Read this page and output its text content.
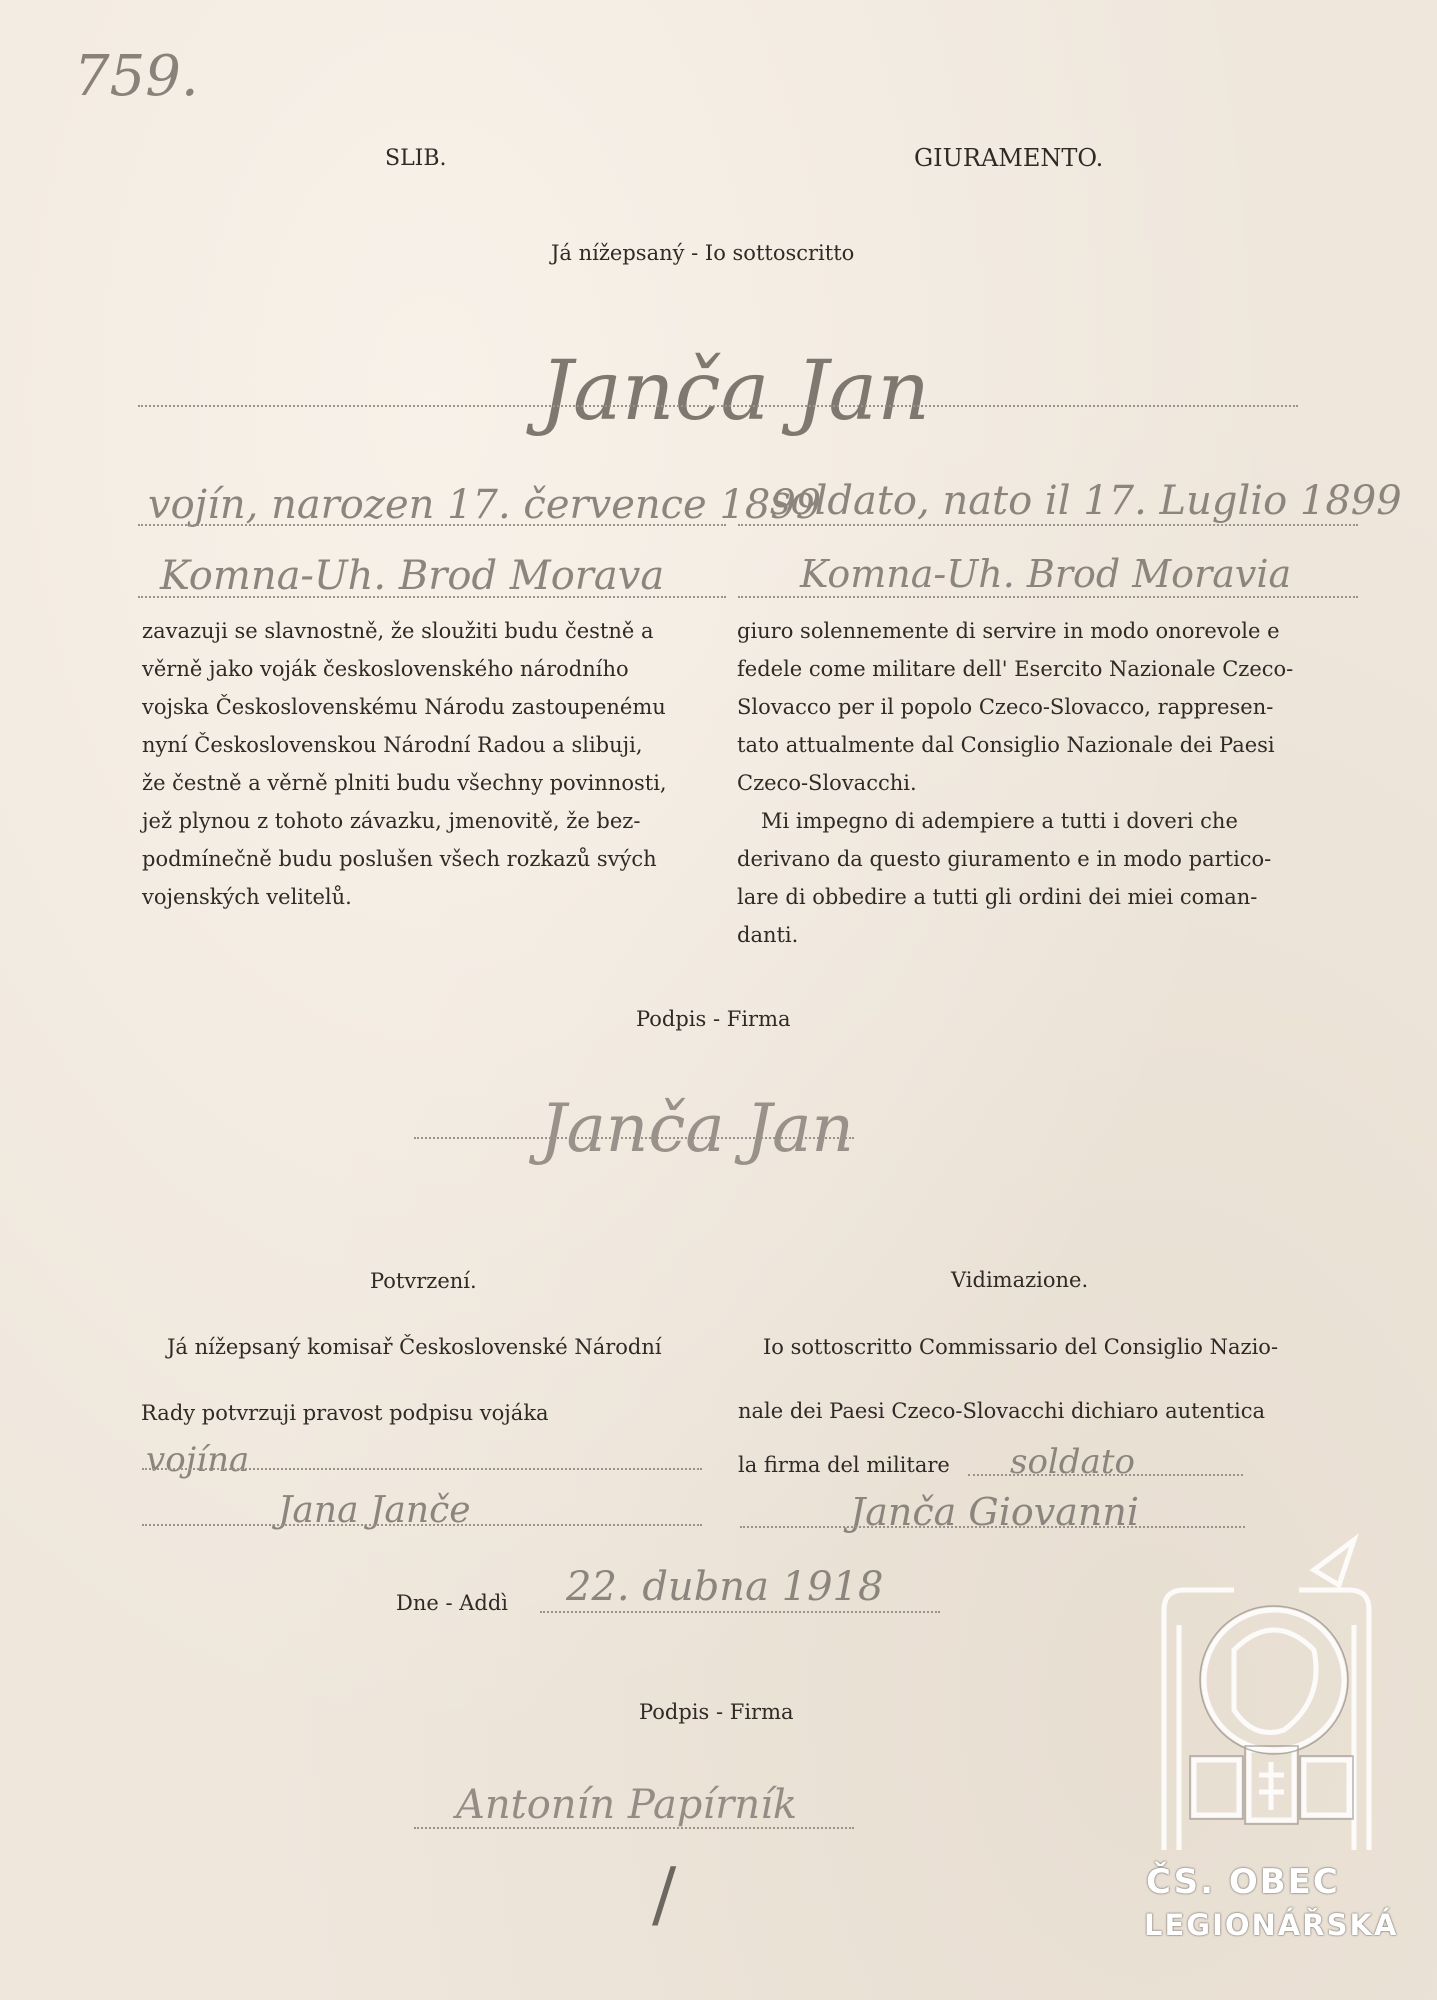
759.
SLIB.	GIURAMENTO.
Já nížepsaný - Io sottoscritto
Janča Jan
vojín, narozen 17. července 1899
soldato, nato il 17. Luglio 1899
Komna-Uh. Brod Morava	Komna-Uh. Brod Moravia

zavazuji se slavnostně, že sloužiti budu čestně a

věrně jako voják československého národního

vojska Československému Národu zastoupenému

nyní Československou Národní Radou a slibuji,

že čestně a věrně plniti budu všechny povinnosti,

jež plynou z tohoto závazku, jmenovitě, že bez-

podmínečně budu poslušen všech rozkazů svých

vojenských velitelů.

giuro solennemente di servire in modo onorevole e

fedele come militare dell' Esercito Nazionale Czeco-

Slovacco per il popolo Czeco-Slovacco, rappresen-

tato attualmente dal Consiglio Nazionale dei Paesi

Czeco-Slovacchi.

Mi impegno di adempiere a tutti i doveri che

derivano da questo giuramento e in modo partico-

lare di obbedire a tutti gli ordini dei miei coman-

danti.

Podpis - Firma
Janča Jan
Potvrzení.	Vidimazione.
Já nížepsaný komisař Československé Národní
Rady potvrzuji pravost podpisu vojáka
Io sottoscritto Commissario del Consiglio Nazio-
nale dei Paesi Czeco-Slovacchi dichiaro autentica
la firma del militare
vojína
Jana Janče
soldato
Janča Giovanni
Dne - Addì 22. dubna 1918
Podpis - Firma
Antonín Papírník
/	ČS. OBEC
LEGIONÁŘSKÁ
